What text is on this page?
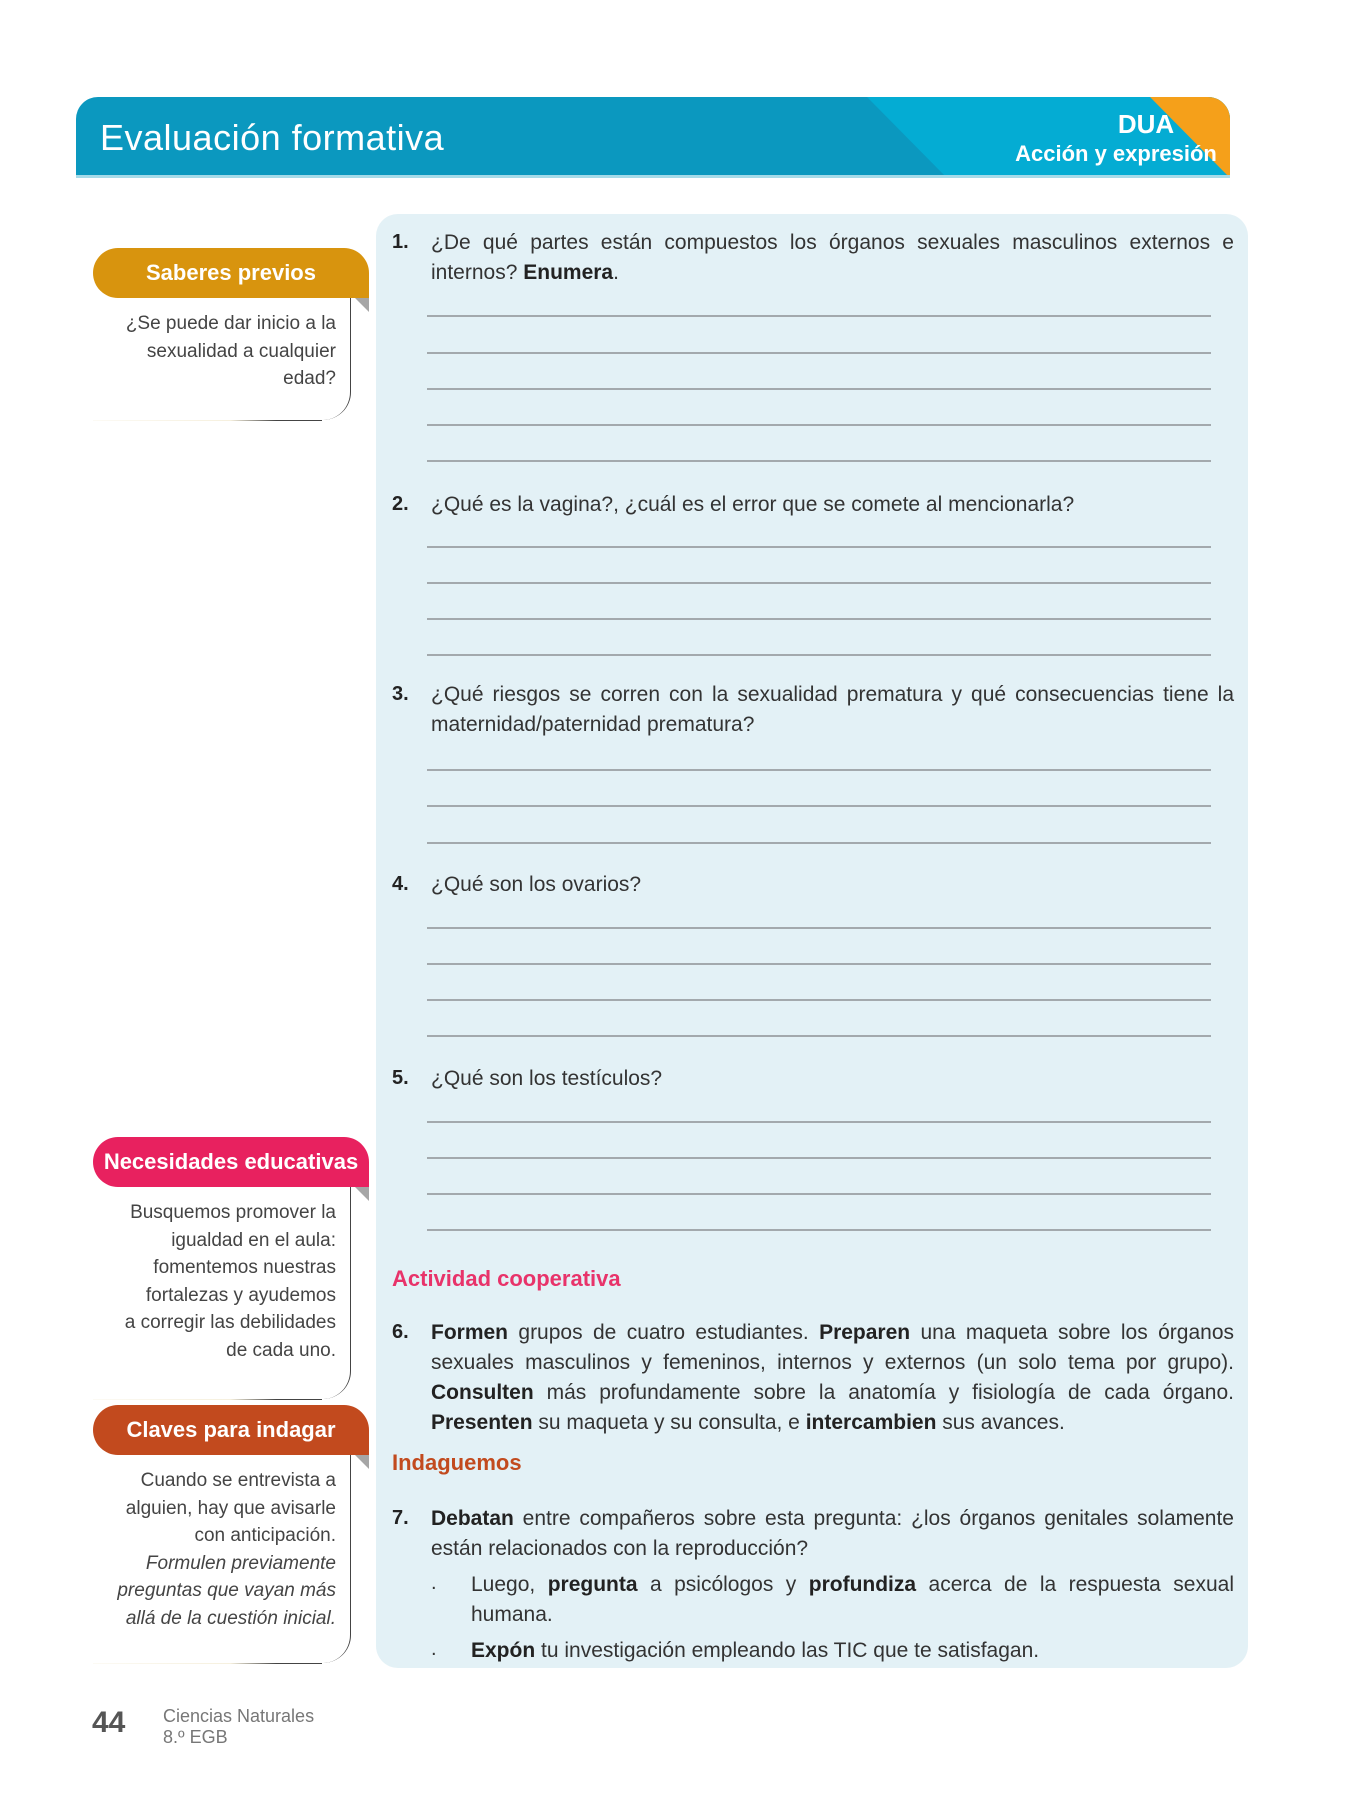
Evaluación formativa	DUA
Acción y expresión
Saberes previos
¿Se puede dar inicio a la
sexualidad a cualquier
edad?
Necesidades educativas
Busquemos promover la
igualdad en el aula:
fomentemos nuestras
fortalezas y ayudemos
a corregir las debilidades
de cada uno.
Claves para indagar
Cuando se entrevista a
alguien, hay que avisarle
con anticipación.
Formulen previamente
preguntas que vayan más
allá de la cuestión inicial.
1. ¿De qué partes están compuestos los órganos sexuales masculinos externos e internos? Enumera.
2. ¿Qué es la vagina?, ¿cuál es el error que se comete al mencionarla?
3. ¿Qué riesgos se corren con la sexualidad prematura y qué consecuencias tiene la maternidad/paternidad prematura?
4. ¿Qué son los ovarios?
5. ¿Qué son los testículos?
Actividad cooperativa
6. Formen grupos de cuatro estudiantes. Preparen una maqueta sobre los órganos sexuales masculinos y femeninos, internos y externos (un solo tema por grupo). Consulten más profundamente sobre la anatomía y fisiología de cada órgano. Presenten su maqueta y su consulta, e intercambien sus avances.
Indaguemos
7. Debatan entre compañeros sobre esta pregunta: ¿los órganos genitales solamente están relacionados con la reproducción?
. Luego, pregunta a psicólogos y profundiza acerca de la respuesta sexual humana.
. Expón tu investigación empleando las TIC que te satisfagan.
44 Ciencias Naturales
8.º EGB
